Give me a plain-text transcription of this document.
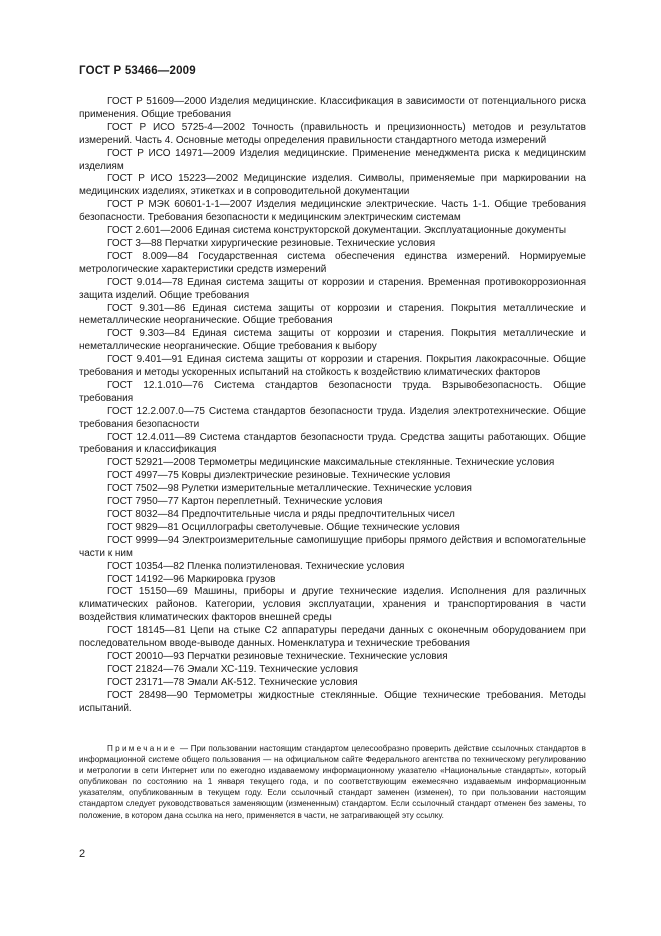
ГОСТ Р 53466—2009

ГОСТ Р 51609—2000 Изделия медицинские. Классификация в зависимости от потенциального риска применения. Общие требования

ГОСТ Р ИСО 5725-4—2002 Точность (правильность и прецизионность) методов и результатов измерений. Часть 4. Основные методы определения правильности стандартного метода измерений

ГОСТ Р ИСО 14971—2009 Изделия медицинские. Применение менеджмента риска к медицинским изделиям

ГОСТ Р ИСО 15223—2002 Медицинские изделия. Символы, применяемые при маркировании на медицинских изделиях, этикетках и в сопроводительной документации

ГОСТ Р МЭК 60601-1-1—2007 Изделия медицинские электрические. Часть 1-1. Общие требования безопасности. Требования безопасности к медицинским электрическим системам

ГОСТ 2.601—2006 Единая система конструкторской документации. Эксплуатационные документы

ГОСТ 3—88 Перчатки хирургические резиновые. Технические условия

ГОСТ 8.009—84 Государственная система обеспечения единства измерений. Нормируемые метрологические характеристики средств измерений

ГОСТ 9.014—78 Единая система защиты от коррозии и старения. Временная противокоррозионная защита изделий. Общие требования

ГОСТ 9.301—86 Единая система защиты от коррозии и старения. Покрытия металлические и неметаллические неорганические. Общие требования

ГОСТ 9.303—84 Единая система защиты от коррозии и старения. Покрытия металлические и неметаллические неорганические. Общие требования к выбору

ГОСТ 9.401—91 Единая система защиты от коррозии и старения. Покрытия лакокрасочные. Общие требования и методы ускоренных испытаний на стойкость к воздействию климатических факторов

ГОСТ 12.1.010—76 Система стандартов безопасности труда. Взрывобезопасность. Общие требования

ГОСТ 12.2.007.0—75 Система стандартов безопасности труда. Изделия электротехнические. Общие требования безопасности

ГОСТ 12.4.011—89 Система стандартов безопасности труда. Средства защиты работающих. Общие требования и классификация

ГОСТ 52921—2008 Термометры медицинские максимальные стеклянные. Технические условия

ГОСТ 4997—75 Ковры диэлектрические резиновые. Технические условия

ГОСТ 7502—98 Рулетки измерительные металлические. Технические условия

ГОСТ 7950—77 Картон переплетный. Технические условия

ГОСТ 8032—84 Предпочтительные числа и ряды предпочтительных чисел

ГОСТ 9829—81 Осциллографы светолучевые. Общие технические условия

ГОСТ 9999—94 Электроизмерительные самопишущие приборы прямого действия и вспомогательные части к ним

ГОСТ 10354—82 Пленка полиэтиленовая. Технические условия

ГОСТ 14192—96 Маркировка грузов

ГОСТ 15150—69 Машины, приборы и другие технические изделия. Исполнения для различных климатических районов. Категории, условия эксплуатации, хранения и транспортирования в части воздействия климатических факторов внешней среды

ГОСТ 18145—81 Цепи на стыке С2 аппаратуры передачи данных с оконечным оборудованием при последовательном вводе-выводе данных. Номенклатура и технические требования

ГОСТ 20010—93 Перчатки резиновые технические. Технические условия

ГОСТ 21824—76 Эмали ХС-119. Технические условия

ГОСТ 23171—78 Эмали АК-512. Технические условия

ГОСТ 28498—90 Термометры жидкостные стеклянные. Общие технические требования. Методы испытаний.

Примечание — При пользовании настоящим стандартом целесообразно проверить действие ссылочных стандартов в информационной системе общего пользования — на официальном сайте Федерального агентства по техническому регулированию и метрологии в сети Интернет или по ежегодно издаваемому информационному указателю «Национальные стандарты», который опубликован по состоянию на 1 января текущего года, и по соответствующим ежемесячно издаваемым информационным указателям, опубликованным в текущем году. Если ссылочный стандарт заменен (изменен), то при пользовании настоящим стандартом следует руководствоваться заменяющим (измененным) стандартом. Если ссылочный стандарт отменен без замены, то положение, в котором дана ссылка на него, применяется в части, не затрагивающей эту ссылку.

2
